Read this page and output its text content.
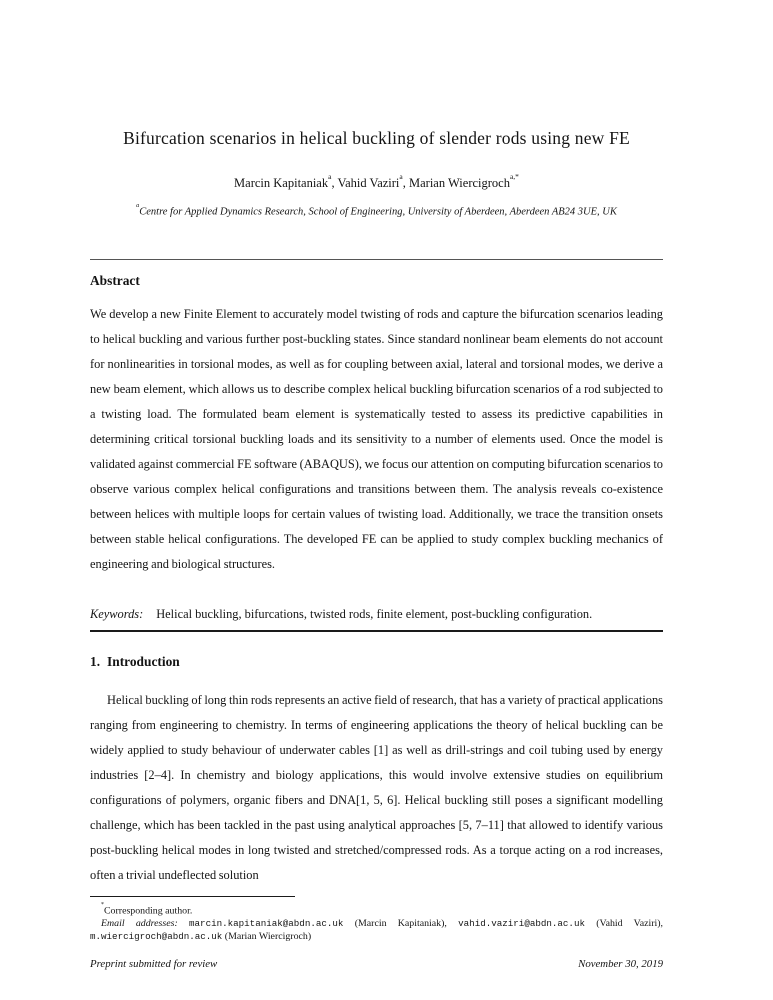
Bifurcation scenarios in helical buckling of slender rods using new FE
Marcin Kapitaniak$^a$, Vahid Vaziri$^a$, Marian Wiercigroch$^{a,*}$
$^a$Centre for Applied Dynamics Research, School of Engineering, University of Aberdeen, Aberdeen AB24 3UE, UK
Abstract
We develop a new Finite Element to accurately model twisting of rods and capture the bifurcation scenarios leading to helical buckling and various further post-buckling states. Since standard nonlinear beam elements do not account for nonlinearities in torsional modes, as well as for coupling between axial, lateral and torsional modes, we derive a new beam element, which allows us to describe complex helical buckling bifurcation scenarios of a rod subjected to a twisting load. The formulated beam element is systematically tested to assess its predictive capabilities in determining critical torsional buckling loads and its sensitivity to a number of elements used. Once the model is validated against commercial FE software (ABAQUS), we focus our attention on computing bifurcation scenarios to observe various complex helical configurations and transitions between them. The analysis reveals co-existence between helices with multiple loops for certain values of twisting load. Additionally, we trace the transition onsets between stable helical configurations. The developed FE can be applied to study complex buckling mechanics of engineering and biological structures.
Keywords: Helical buckling, bifurcations, twisted rods, finite element, post-buckling configuration.
1. Introduction
Helical buckling of long thin rods represents an active field of research, that has a variety of practical applications ranging from engineering to chemistry. In terms of engineering applications the theory of helical buckling can be widely applied to study behaviour of underwater cables [1] as well as drill-strings and coil tubing used by energy industries [2–4]. In chemistry and biology applications, this would involve extensive studies on equilibrium configurations of polymers, organic fibers and DNA[1, 5, 6]. Helical buckling still poses a significant modelling challenge, which has been tackled in the past using analytical approaches [5, 7–11] that allowed to identify various post-buckling helical modes in long twisted and stretched/compressed rods. As a torque acting on a rod increases, often a trivial undeflected solution

*Corresponding author.

Email addresses: marcin.kapitaniak@abdn.ac.uk (Marcin Kapitaniak), vahid.vaziri@abdn.ac.uk (Vahid Vaziri), m.wiercigroch@abdn.ac.uk (Marian Wiercigroch)

Preprint submitted for review	November 30, 2019
